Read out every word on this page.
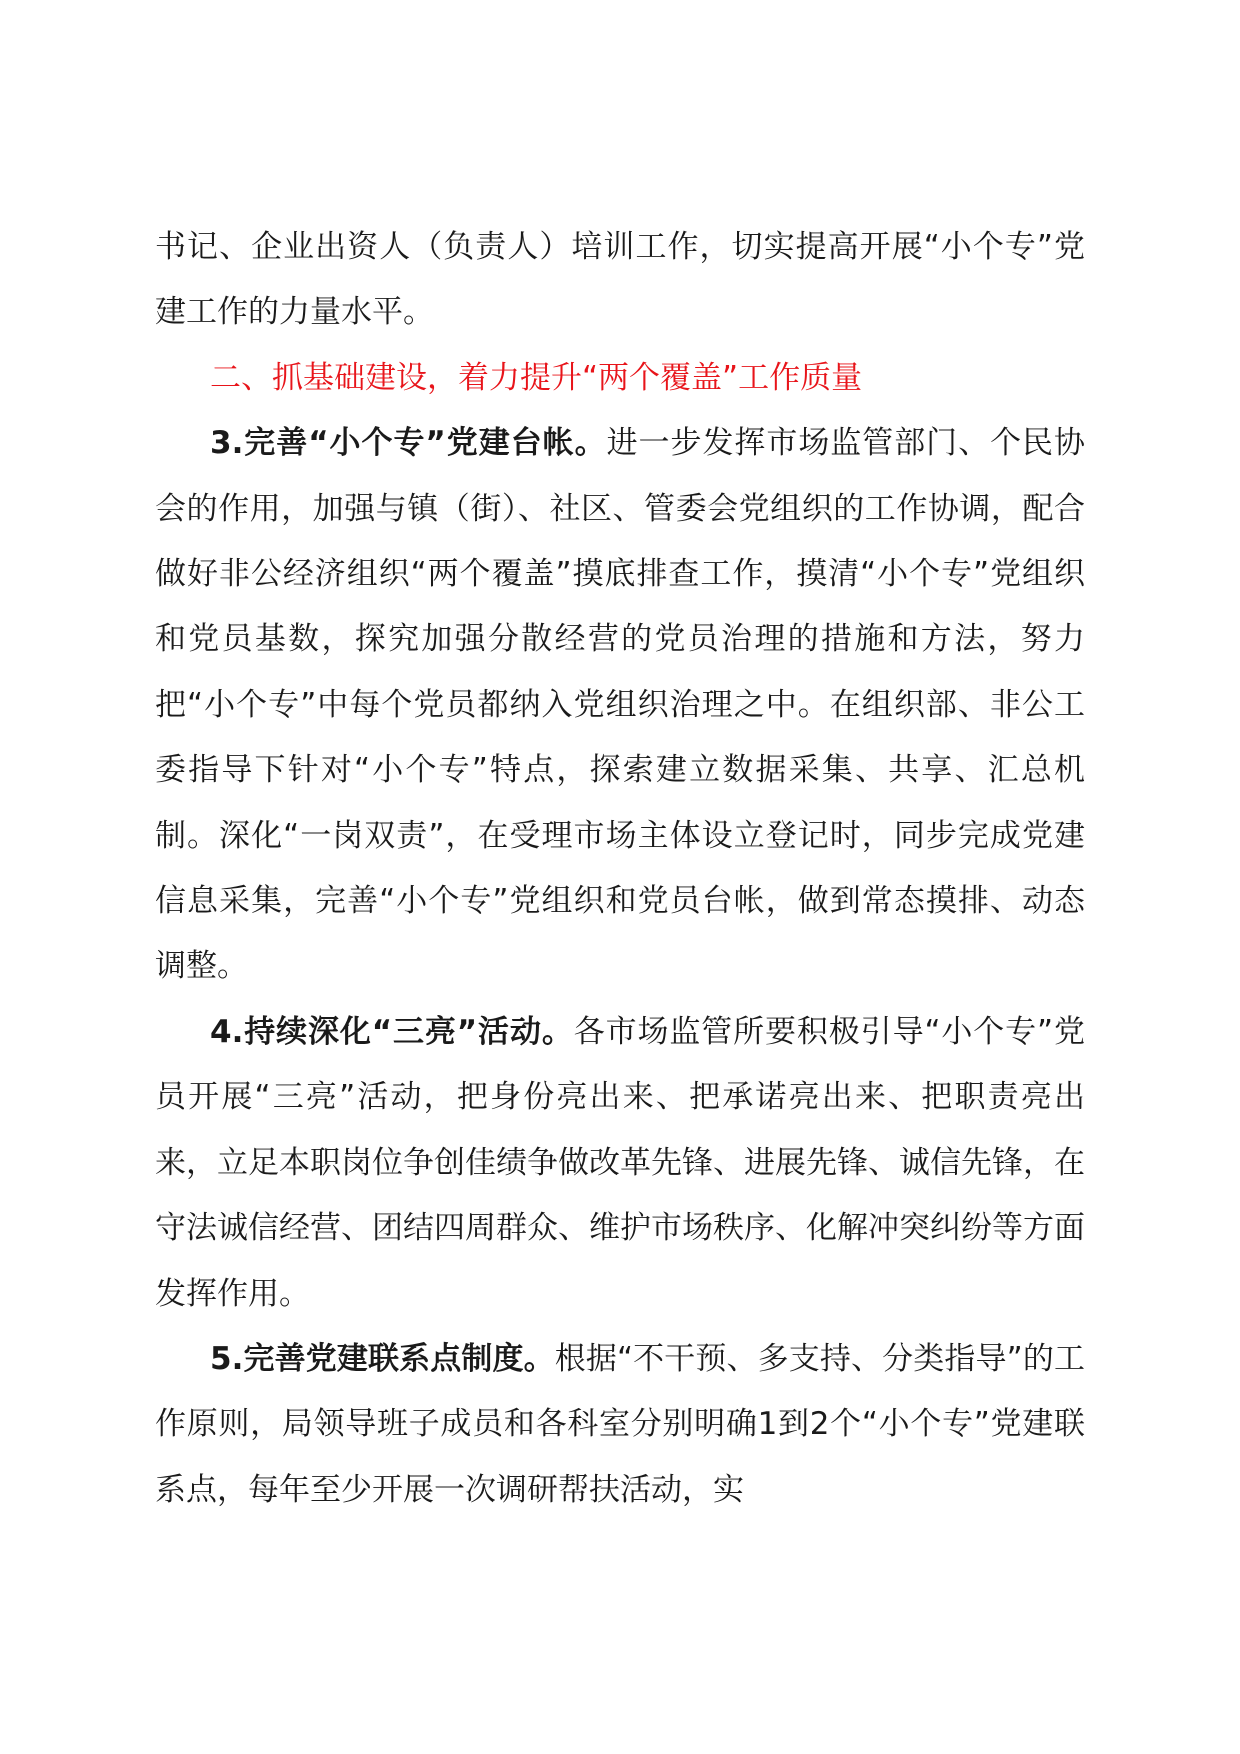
书记、企业出资人（负责人）培训工作，切实提高开展“小个专”党建工作的力量水平。

二、抓基础建设，着力提升“两个覆盖”工作质量

3.完善“小个专”党建台帐。进一步发挥市场监管部门、个民协会的作用，加强与镇（街）、社区、管委会党组织的工作协调，配合做好非公经济组织“两个覆盖”摸底排查工作，摸清“小个专”党组织和党员基数，探究加强分散经营的党员治理的措施和方法，努力把“小个专”中每个党员都纳入党组织治理之中。在组织部、非公工委指导下针对“小个专”特点，探索建立数据采集、共享、汇总机制。深化“一岗双责”，在受理市场主体设立登记时，同步完成党建信息采集，完善“小个专”党组织和党员台帐，做到常态摸排、动态调整。

4.持续深化“三亮”活动。各市场监管所要积极引导“小个专”党员开展“三亮”活动，把身份亮出来、把承诺亮出来、把职责亮出来，立足本职岗位争创佳绩争做改革先锋、进展先锋、诚信先锋，在守法诚信经营、团结四周群众、维护市场秩序、化解冲突纠纷等方面发挥作用。

5.完善党建联系点制度。根据“不干预、多支持、分类指导”的工作原则，局领导班子成员和各科室分别明确1到2个“小个专”党建联系点，每年至少开展一次调研帮扶活动，实
